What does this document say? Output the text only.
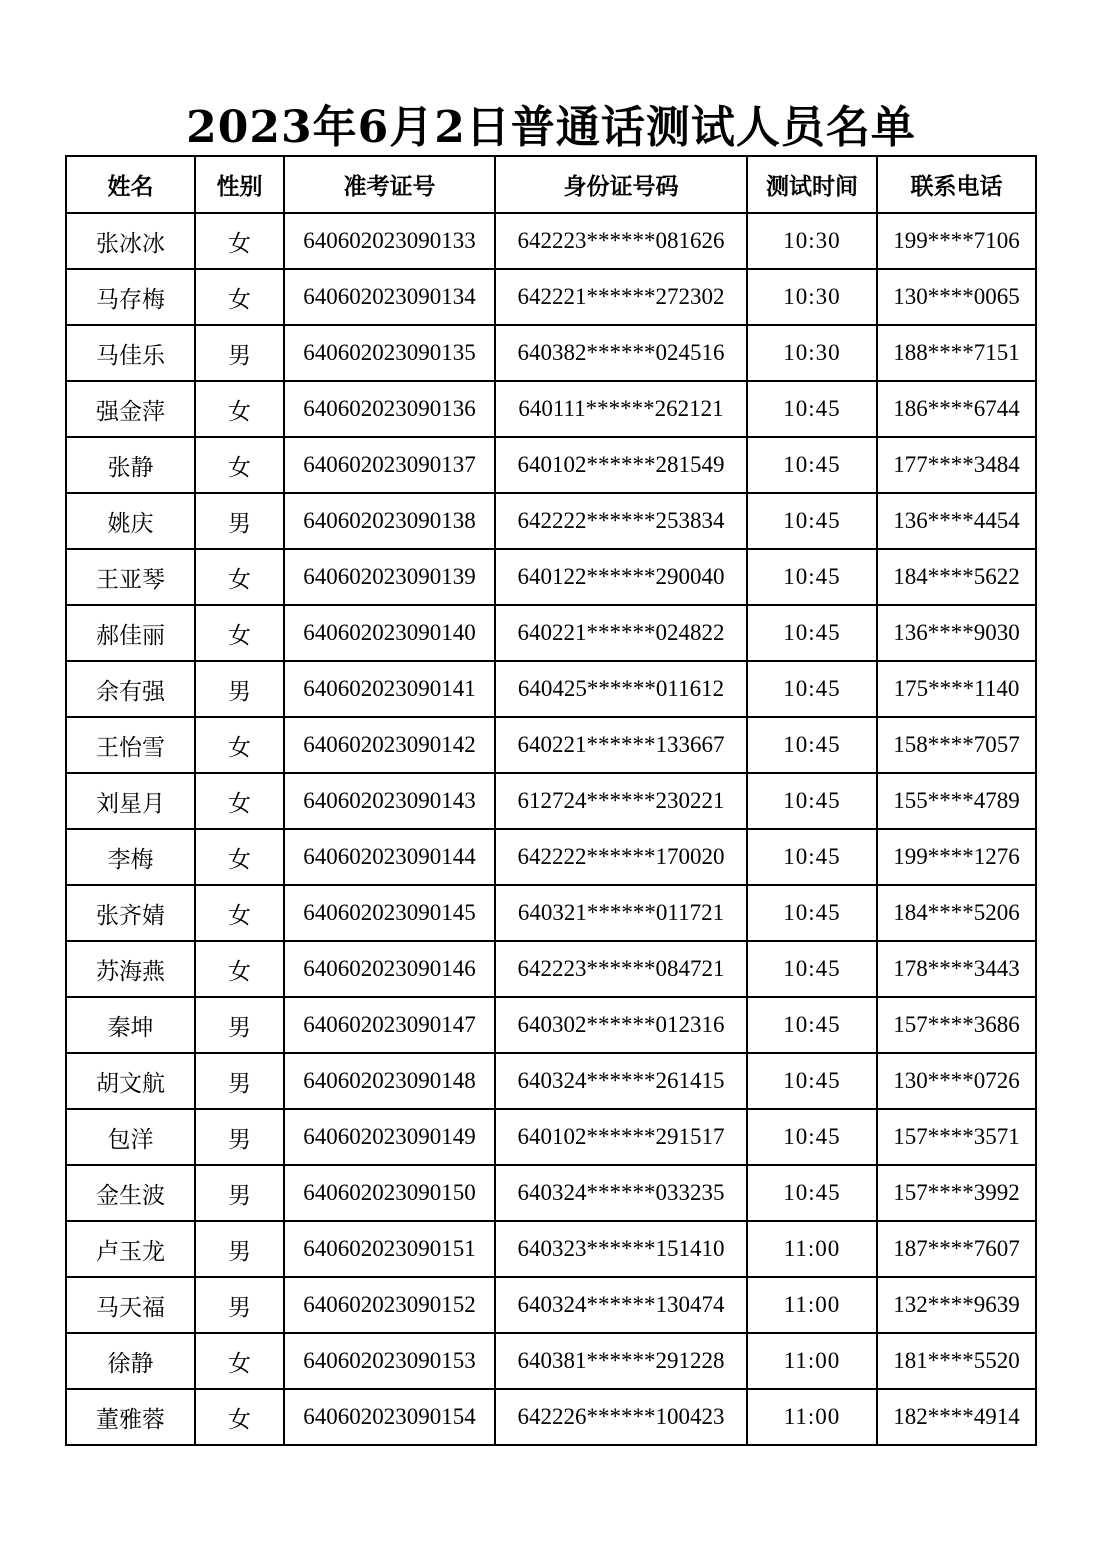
2023年6月2日普通话测试人员名单
姓名	性别	准考证号	身份证号码	测试时间	联系电话
张冰冰	女	640602023090133	642223******081626	10:30	199****7106
马存梅	女	640602023090134	642221******272302	10:30	130****0065
马佳乐	男	640602023090135	640382******024516	10:30	188****7151
强金萍	女	640602023090136	640111******262121	10:45	186****6744
张静	女	640602023090137	640102******281549	10:45	177****3484
姚庆	男	640602023090138	642222******253834	10:45	136****4454
王亚琴	女	640602023090139	640122******290040	10:45	184****5622
郝佳丽	女	640602023090140	640221******024822	10:45	136****9030
余有强	男	640602023090141	640425******011612	10:45	175****1140
王怡雪	女	640602023090142	640221******133667	10:45	158****7057
刘星月	女	640602023090143	612724******230221	10:45	155****4789
李梅	女	640602023090144	642222******170020	10:45	199****1276
张齐婧	女	640602023090145	640321******011721	10:45	184****5206
苏海燕	女	640602023090146	642223******084721	10:45	178****3443
秦坤	男	640602023090147	640302******012316	10:45	157****3686
胡文航	男	640602023090148	640324******261415	10:45	130****0726
包洋	男	640602023090149	640102******291517	10:45	157****3571
金生波	男	640602023090150	640324******033235	10:45	157****3992
卢玉龙	男	640602023090151	640323******151410	11:00	187****7607
马天福	男	640602023090152	640324******130474	11:00	132****9639
徐静	女	640602023090153	640381******291228	11:00	181****5520
董雅蓉	女	640602023090154	642226******100423	11:00	182****4914
